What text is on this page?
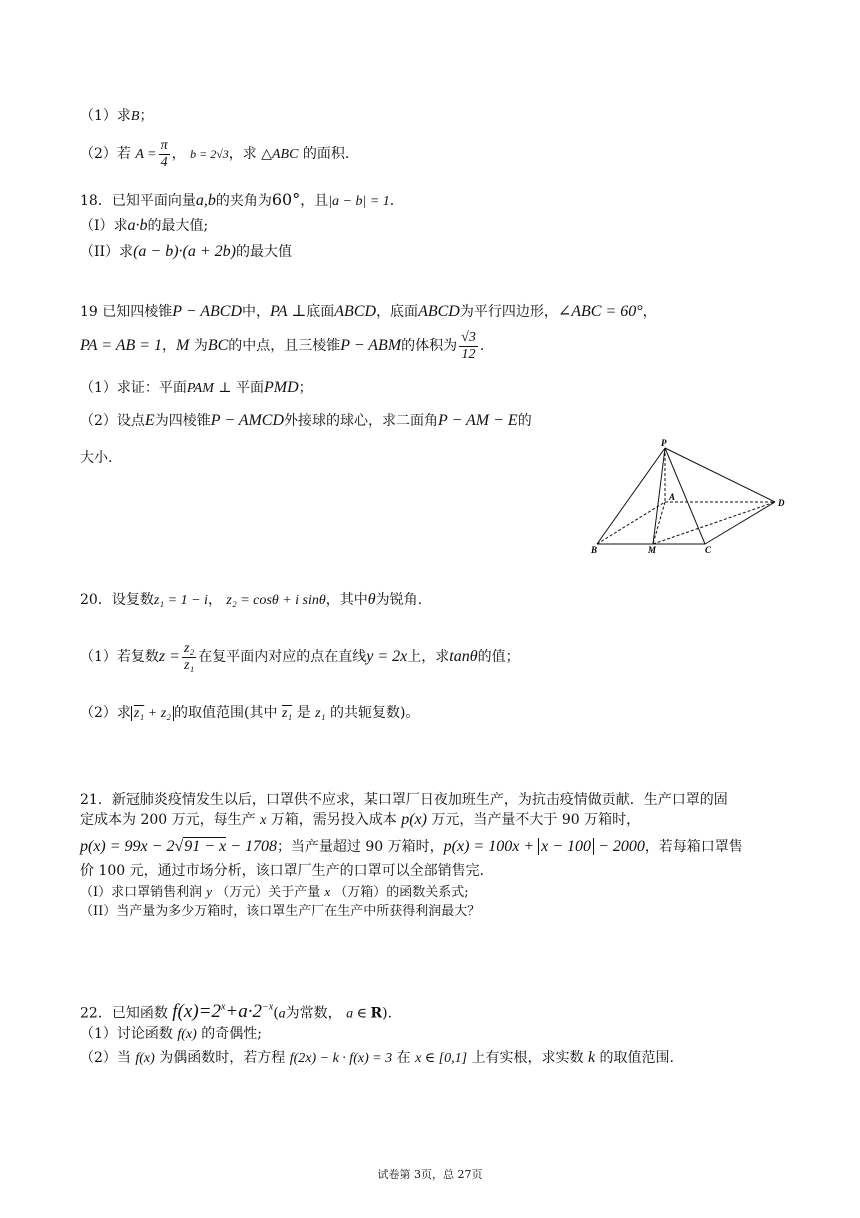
（1）求B；
（2）若 $A = \frac{\pi}{4}$ ， b = 2√3，求 △ABC 的面积.
18．已知平面向量a,b的夹角为60°，且|a − b| = 1.
（I）求a·b的最大值;
（II）求(a − b)·(a + 2b)的最大值
19 已知四棱锥P − ABCD中，PA ⊥底面ABCD，底面ABCD为平行四边形，∠ABC = 60°，
PA = AB = 1，M 为BC的中点，且三棱锥P − ABM的体积为 $\frac{√3}{12}$ .
（1）求证：平面PAM ⊥ 平面PMD；
（2）设点E为四棱锥P − AMCD外接球的球心，求二面角P − AM − E的
大小.
P
A
D
B	M	C
20．设复数z₁ = 1 − i， z₂ = cosθ + i sinθ，其中θ为锐角.
（1）若复数$z = \frac{\text{z₂}}{\text{z₁}}$ 在复平面内对应的点在直线y = 2x上，求tanθ的值；
（2）求 z₁ + z₂ 的取值范围(其中 z₁ 是 z₁ 的共轭复数)。
21．新冠肺炎疫情发生以后，口罩供不应求，某口罩厂日夜加班生产，为抗击疫情做贡献．生产口罩的固
定成本为 200 万元，每生产 x 万箱，需另投入成本 p(x) 万元，当产量不大于 90 万箱时，
p(x) = 99x − 2√91 − x − 1708；当产量超过 90 万箱时，p(x) = 100x + x − 100 − 2000，若每箱口罩售
价 100 元，通过市场分析，该口罩厂生产的口罩可以全部销售完．
（I）求口罩销售利润 y （万元）关于产量 x （万箱）的函数关系式;
（II）当产量为多少万箱时，该口罩生产厂在生产中所获得利润最大？
22．已知函数 $f(x)=2^x+a\cdot 2^{-x}(a$为常数， a ∈ R).
（1）讨论函数 f(x) 的奇偶性;
（2）当 f(x) 为偶函数时，若方程 f(2x) − k · f(x) = 3 在 x ∈ [0,1] 上有实根，求实数 k 的取值范围.
试卷第 3页，总 27页
